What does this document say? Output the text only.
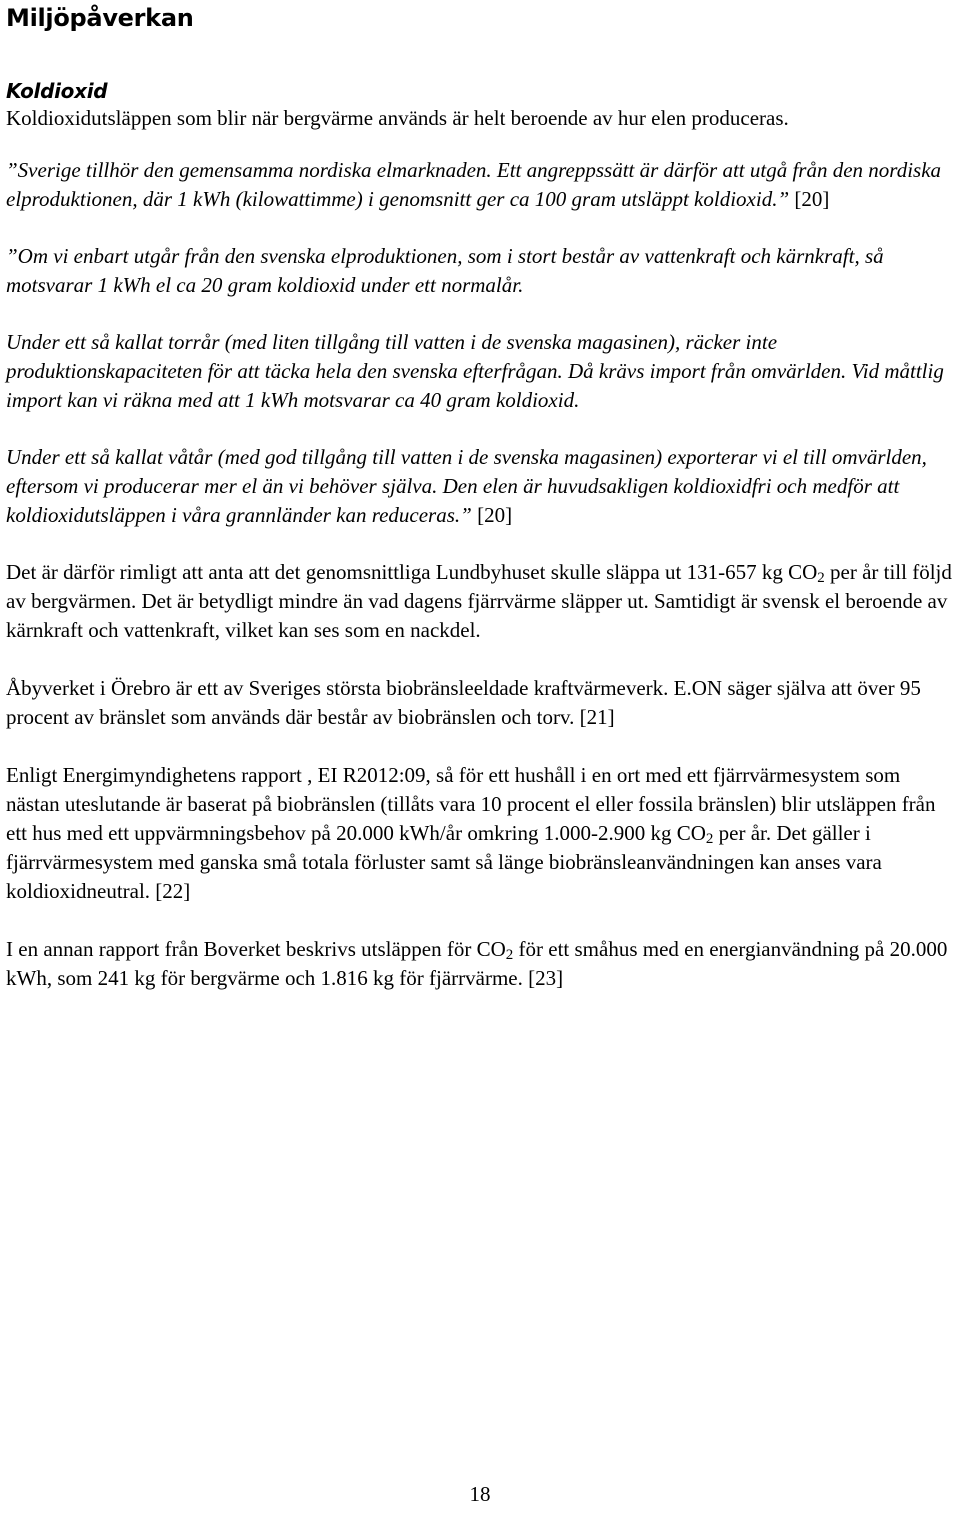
Miljöpåverkan
Koldioxid

Koldioxidutsläppen som blir när bergvärme används är helt beroende av hur elen produceras.

”Sverige tillhör den gemensamma nordiska elmarknaden. Ett angreppssätt är därför att utgå från den nordiska elproduktionen, där 1 kWh (kilowattimme) i genomsnitt ger ca 100 gram utsläppt koldioxid.” [20]

”Om vi enbart utgår från den svenska elproduktionen, som i stort består av vattenkraft och kärnkraft, så motsvarar 1 kWh el ca 20 gram koldioxid under ett normalår.

Under ett så kallat torrår (med liten tillgång till vatten i de svenska magasinen), räcker inte produktionskapaciteten för att täcka hela den svenska efterfrågan. Då krävs import från omvärlden. Vid måttlig import kan vi räkna med att 1 kWh motsvarar ca 40 gram koldioxid.

Under ett så kallat våtår (med god tillgång till vatten i de svenska magasinen) exporterar vi el till omvärlden, eftersom vi producerar mer el än vi behöver själva. Den elen är huvudsakligen koldioxidfri och medför att koldioxidutsläppen i våra grannländer kan reduceras.” [20]

Det är därför rimligt att anta att det genomsnittliga Lundbyhuset skulle släppa ut 131-657 kg $CO_2$ per år till följd av bergvärmen. Det är betydligt mindre än vad dagens fjärrvärme släpper ut. Samtidigt är svensk el beroende av kärnkraft och vattenkraft, vilket kan ses som en nackdel.

Åbyverket i Örebro är ett av Sveriges största biobränsleeldade kraftvärmeverk. E.ON säger själva att över 95 procent av bränslet som används där består av biobränslen och torv. [21]

Enligt Energimyndighetens rapport , EI R2012:09, så för ett hushåll i en ort med ett fjärrvärmesystem som nästan uteslutande är baserat på biobränslen (tillåts vara 10 procent el eller fossila bränslen) blir utsläppen från ett hus med ett uppvärmningsbehov på 20.000 kWh/år omkring 1.000-2.900 kg $CO_2$ per år. Det gäller i fjärrvärmesystem med ganska små totala förluster samt så länge biobränsleanvändningen kan anses vara koldioxidneutral. [22]

I en annan rapport från Boverket beskrivs utsläppen för $CO_2$ för ett småhus med en energianvändning på 20.000 kWh, som 241 kg för bergvärme och 1.816 kg för fjärrvärme. [23]

18
